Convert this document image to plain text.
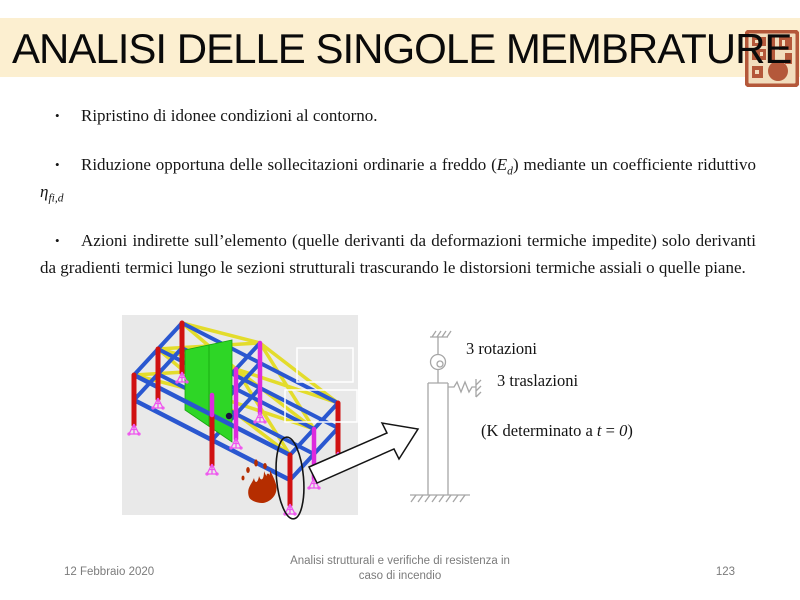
ANALISI DELLE SINGOLE MEMBRATURE

• Ripristino di idonee condizioni al contorno.

• Riduzione opportuna delle sollecitazioni ordinarie a freddo $(E_d)$ mediante un coefficiente riduttivo $\eta_{fi,d}$

• Azioni indirette sull’elemento (quelle derivanti da deformazioni termiche impedite) solo derivanti da gradienti termici lungo le sezioni strutturali trascurando le distorsioni termiche assiali o quelle piane.

3 rotazioni
3 traslazioni
(K determinato a t = 0)
12 Febbraio 2020
Analisi strutturali e verifiche di resistenza in
caso di incendio	123
